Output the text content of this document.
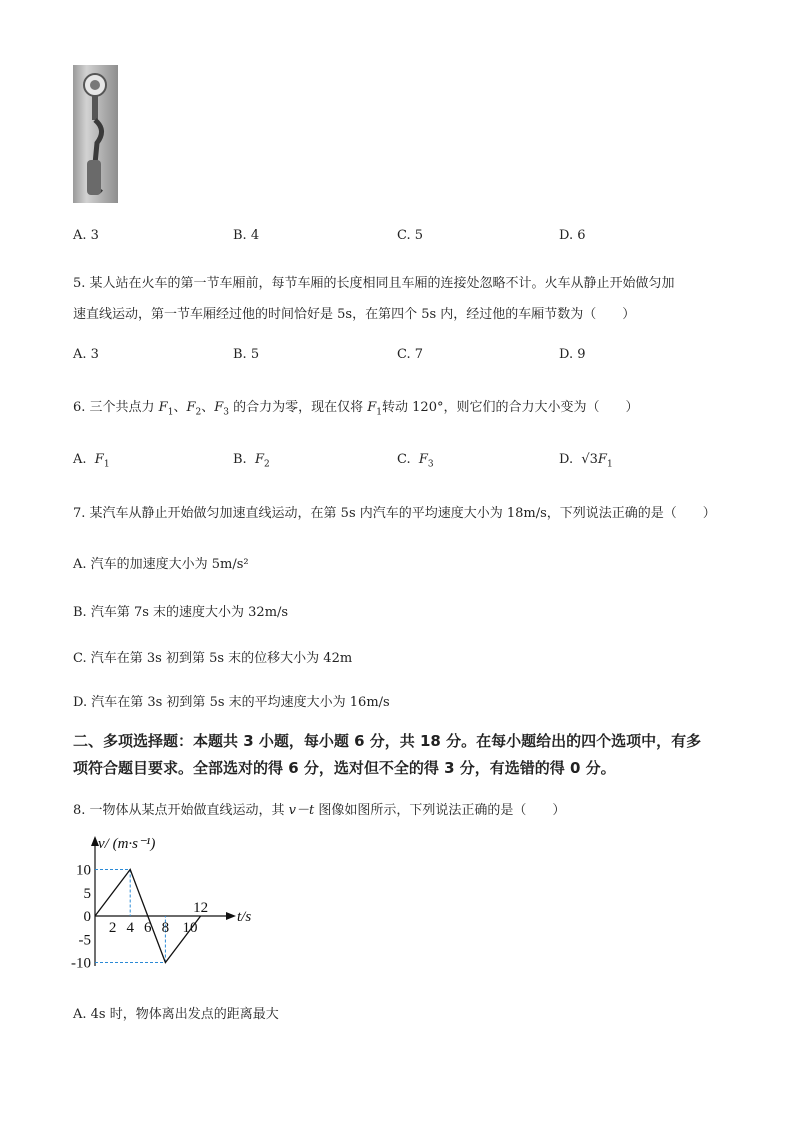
A. 3	B. 4	C. 5	D. 6
5. 某人站在火车的第一节车厢前，每节车厢的长度相同且车厢的连接处忽略不计。火车从静止开始做匀加
速直线运动，第一节车厢经过他的时间恰好是 5s，在第四个 5s 内，经过他的车厢节数为（　　）
A. 3	B. 5	C. 7	D. 9
6. 三个共点力 $F_1$、$F_2$、$F_3$ 的合力为零，现在仅将 $F_1$转动 120°，则它们的合力大小变为（　　）
A. $F_1$	B. $F_2$	C. $F_3$	D. $√3F_1$
7. 某汽车从静止开始做匀加速直线运动，在第 5s 内汽车的平均速度大小为 18m/s，下列说法正确的是（　　）
A. 汽车的加速度大小为 5m/s²
B. 汽车第 7s 末的速度大小为 32m/s
C. 汽车在第 3s 初到第 5s 末的位移大小为 42m
D. 汽车在第 3s 初到第 5s 末的平均速度大小为 16m/s
二、多项选择题：本题共 3 小题，每小题 6 分，共 18 分。在每小题给出的四个选项中，有多
项符合题目要求。全部选对的得 6 分，选对但不全的得 3 分，有选错的得 0 分。
8. 一物体从某点开始做直线运动，其 v－t 图像如图所示，下列说法正确的是（　　）
10
5
0
-5
-10
2 4 6 8 10
12
v/ (m·s⁻¹)
t/s
A. 4s 时，物体离出发点的距离最大
